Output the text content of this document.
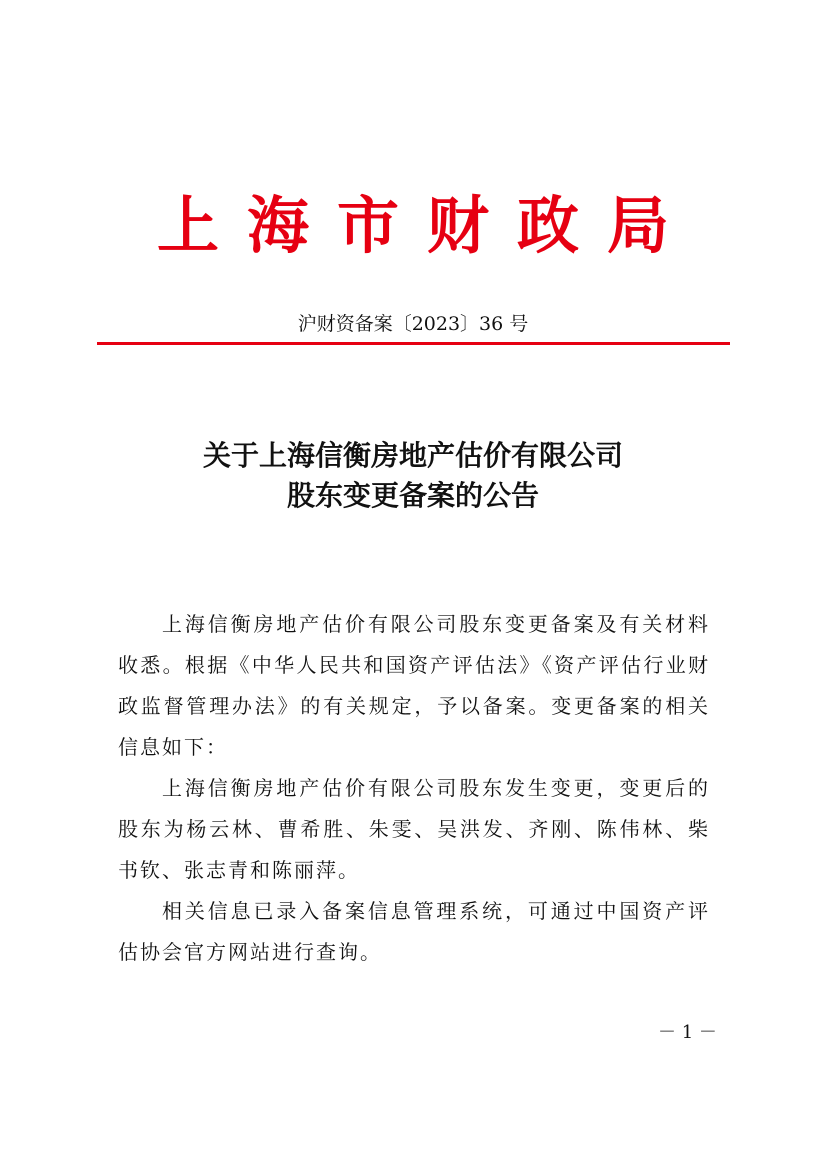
上海市财政局
沪财资备案〔2023〕36 号
关于上海信衡房地产估价有限公司
股东变更备案的公告

上海信衡房地产估价有限公司股东变更备案及有关材料收悉。根据《中华人民共和国资产评估法》《资产评估行业财政监督管理办法》的有关规定，予以备案。变更备案的相关信息如下：

上海信衡房地产估价有限公司股东发生变更，变更后的股东为杨云林、曹希胜、朱雯、吴洪发、齐刚、陈伟林、柴书钦、张志青和陈丽萍。

相关信息已录入备案信息管理系统，可通过中国资产评估协会官方网站进行查询。

－ 1 －
